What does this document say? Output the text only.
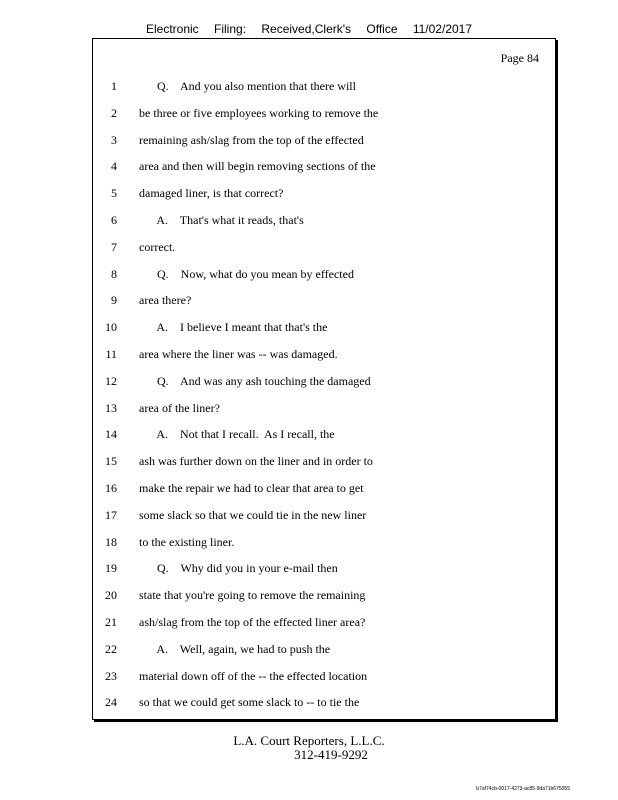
Electronic Filing: Received,Clerk's Office 11/02/2017
Page 84
1 Q.    And you also mention that there will
2 be three or five employees working to remove the
3 remaining ash/slag from the top of the effected
4 area and then will begin removing sections of the
5 damaged liner, is that correct?
6 A.    That's what it reads, that's
7 correct.
8 Q.    Now, what do you mean by effected
9 area there?
10 A.    I believe I meant that that's the
11 area where the liner was -- was damaged.
12 Q.    And was any ash touching the damaged
13 area of the liner?
14 A.    Not that I recall.  As I recall, the
15 ash was further down on the liner and in order to
16 make the repair we had to clear that area to get
17 some slack so that we could tie in the new liner
18 to the existing liner.
19 Q.    Why did you in your e-mail then
20 state that you're going to remove the remaining
21 ash/slag from the top of the effected liner area?
22 A.    Well, again, we had to push the
23 material down off of the -- the effected location
24 so that we could get some slack to -- to tie the
L.A. Court Reporters, L.L.C.
312-419-9292
b7af74cb-0017-4273-ac85-9da71b675055
